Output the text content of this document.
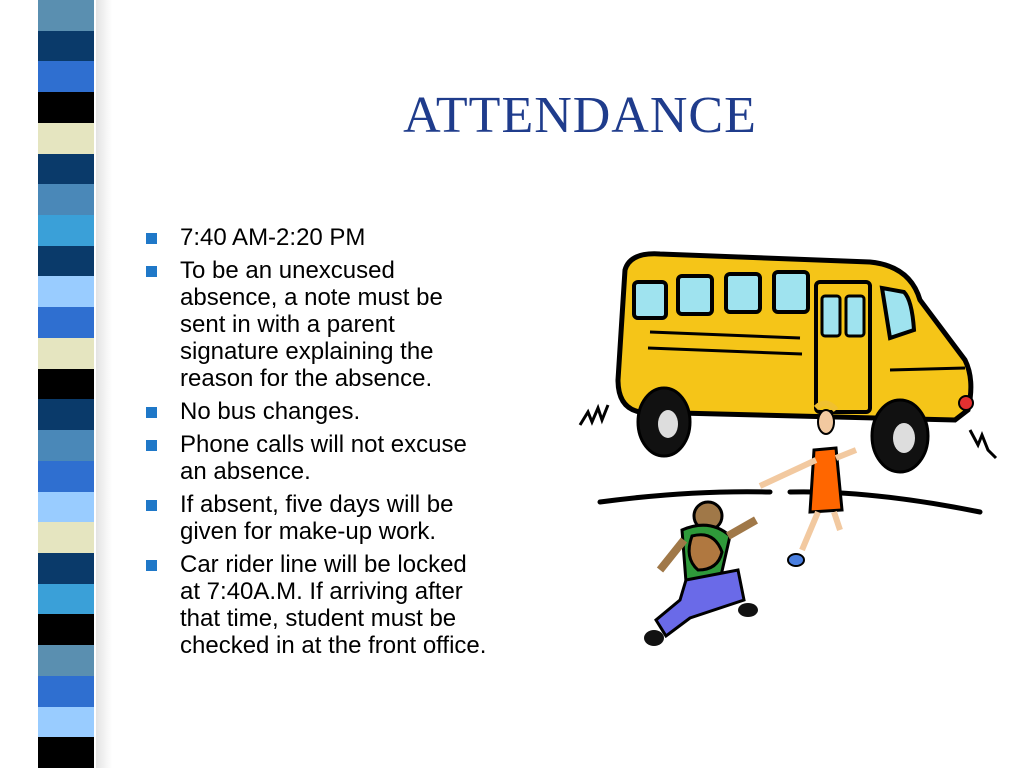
ATTENDANCE
7:40 AM-2:20 PM
To be an unexcused
absence, a note must be
sent in with a parent
signature explaining the
reason for the absence.
No bus changes.
Phone calls will not excuse
an absence.
If absent, five days will be
given for make-up work.
Car rider line will be locked
at 7:40A.M. If arriving after
that time, student must be
checked in at the front office.
